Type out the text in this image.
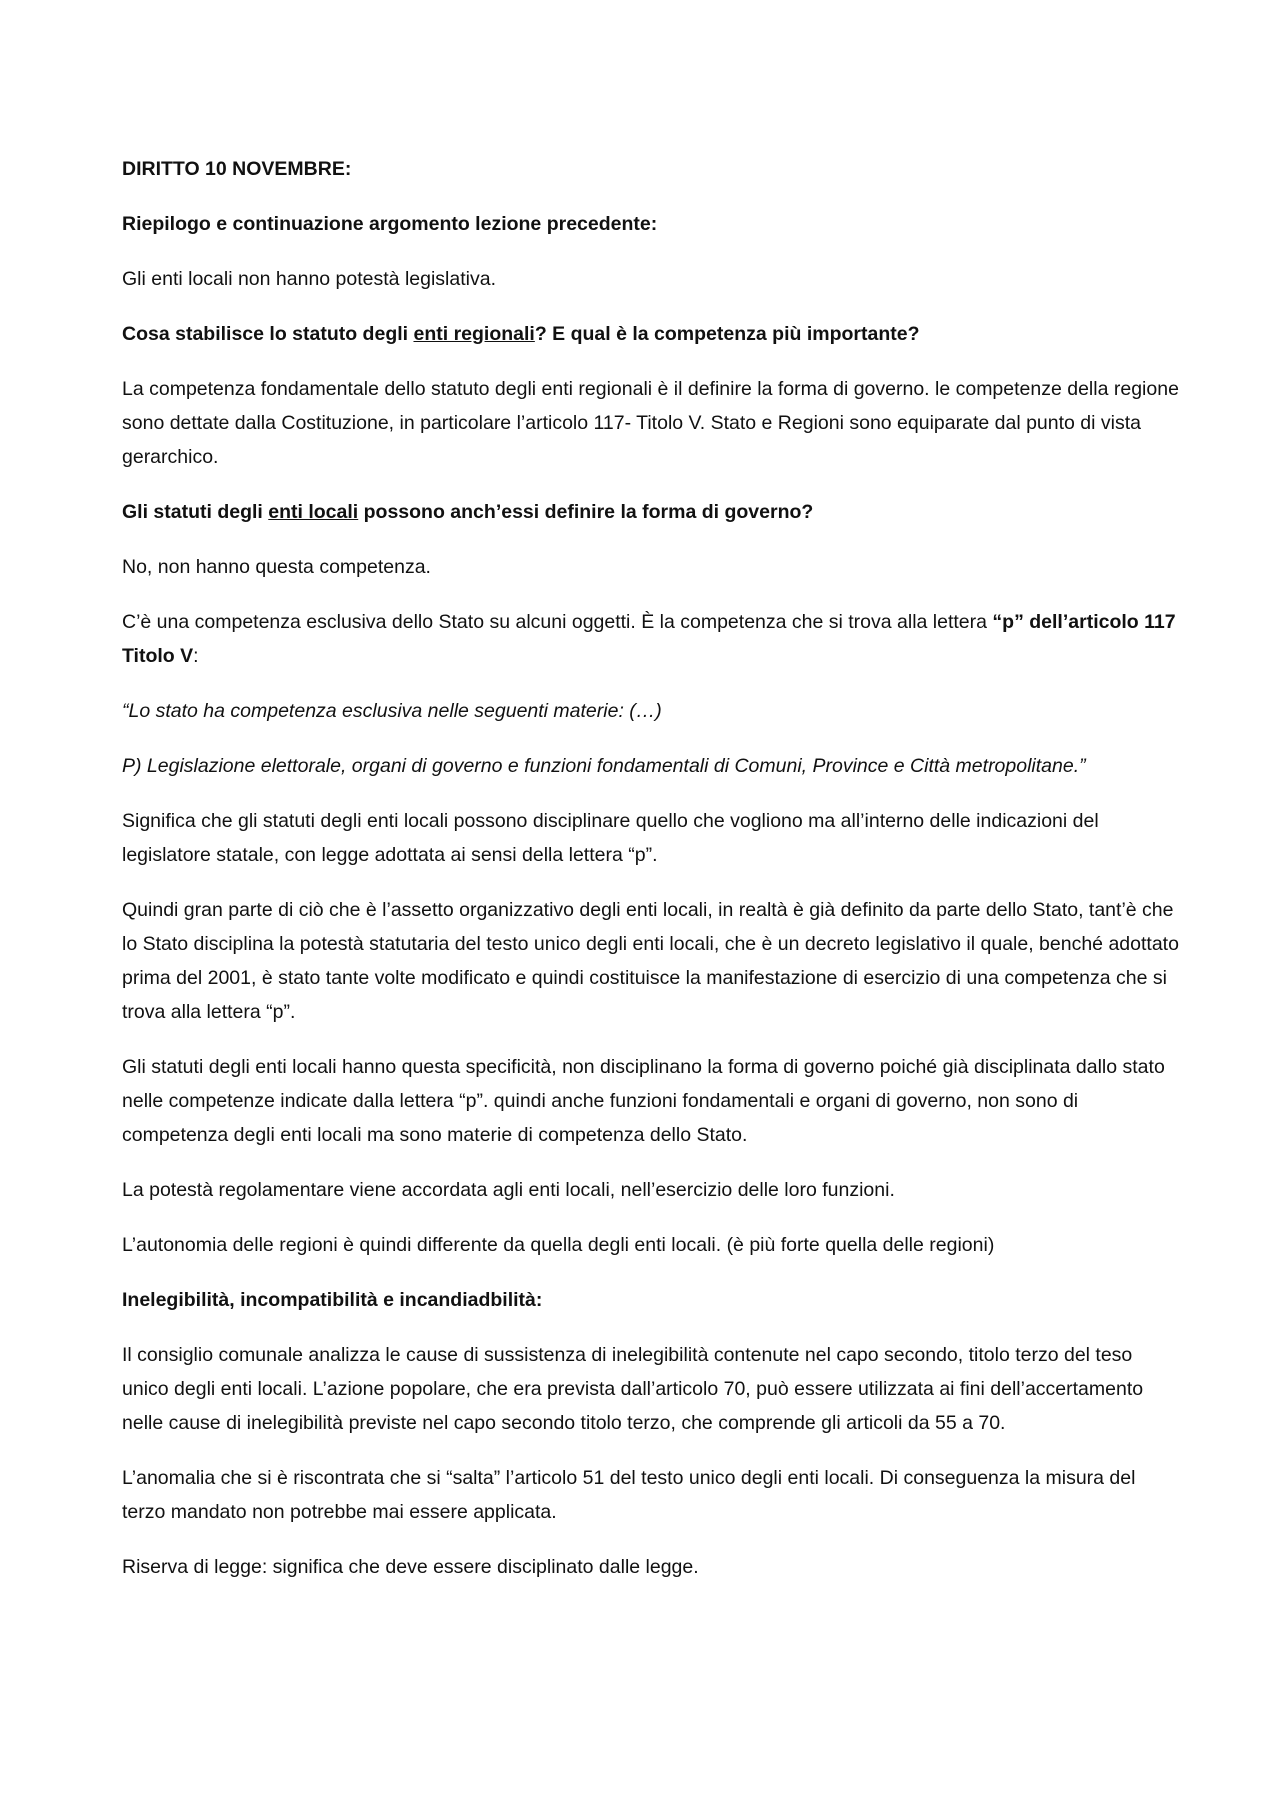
DIRITTO 10 NOVEMBRE:

Riepilogo e continuazione argomento lezione precedente:

Gli enti locali non hanno potestà legislativa.

Cosa stabilisce lo statuto degli enti regionali? E qual è la competenza più importante?

La competenza fondamentale dello statuto degli enti regionali è il definire la forma di governo. le competenze della regione sono dettate dalla Costituzione, in particolare l’articolo 117- Titolo V. Stato e Regioni sono equiparate dal punto di vista gerarchico.

Gli statuti degli enti locali possono anch’essi definire la forma di governo?

No, non hanno questa competenza.

C’è una competenza esclusiva dello Stato su alcuni oggetti. È la competenza che si trova alla lettera “p” dell’articolo 117 Titolo V:

“Lo stato ha competenza esclusiva nelle seguenti materie: (…)

P) Legislazione elettorale, organi di governo e funzioni fondamentali di Comuni, Province e Città metropolitane.”

Significa che gli statuti degli enti locali possono disciplinare quello che vogliono ma all’interno delle indicazioni del legislatore statale, con legge adottata ai sensi della lettera “p”.

Quindi gran parte di ciò che è l’assetto organizzativo degli enti locali, in realtà è già definito da parte dello Stato, tant’è che lo Stato disciplina la potestà statutaria del testo unico degli enti locali, che è un decreto legislativo il quale, benché adottato prima del 2001, è stato tante volte modificato e quindi costituisce la manifestazione di esercizio di una competenza che si trova alla lettera “p”.

Gli statuti degli enti locali hanno questa specificità, non disciplinano la forma di governo poiché già disciplinata dallo stato nelle competenze indicate dalla lettera “p”. quindi anche funzioni fondamentali e organi di governo, non sono di competenza degli enti locali ma sono materie di competenza dello Stato.

La potestà regolamentare viene accordata agli enti locali, nell’esercizio delle loro funzioni.

L’autonomia delle regioni è quindi differente da quella degli enti locali. (è più forte quella delle regioni)

Inelegibilità, incompatibilità e incandiadbilità:

Il consiglio comunale analizza le cause di sussistenza di inelegibilità contenute nel capo secondo, titolo terzo del teso unico degli enti locali. L’azione popolare, che era prevista dall’articolo 70, può essere utilizzata ai fini dell’accertamento nelle cause di inelegibilità previste nel capo secondo titolo terzo, che comprende gli articoli da 55 a 70.

L’anomalia che si è riscontrata che si “salta” l’articolo 51 del testo unico degli enti locali. Di conseguenza la misura del terzo mandato non potrebbe mai essere applicata.

Riserva di legge: significa che deve essere disciplinato dalle legge.
